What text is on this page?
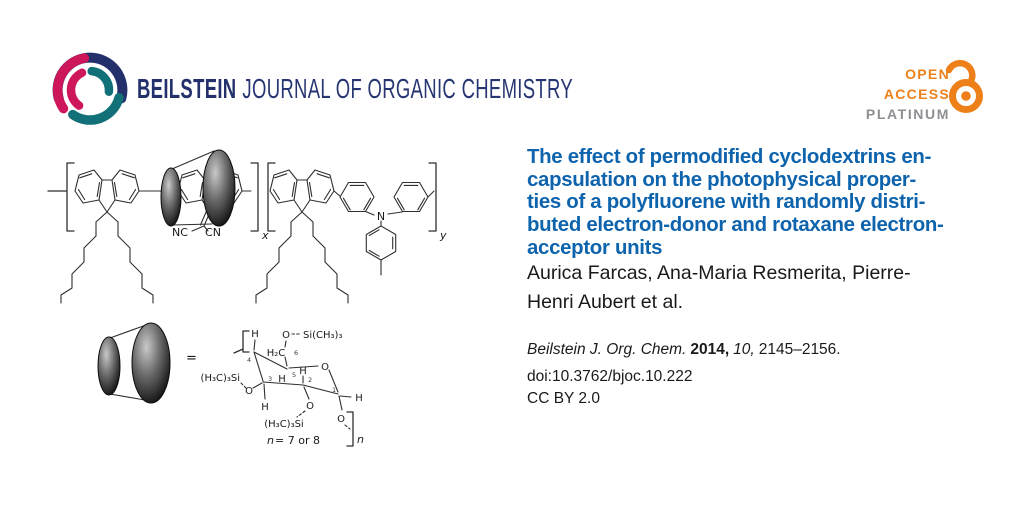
BEILSTEIN JOURNAL OF ORGANIC CHEMISTRY	OPEN
ACCESS
PLATINUM
x	y
NC CN
N
=
H
4
H₂C 6
O Si(CH₃)₃
H 5
O
3
O
(H₃C)₃Si
H
H
2
O
(H₃C)₃Si
1
H
O
n
n = 7 or 8
The effect of permodified cyclodextrins en-
capsulation on the photophysical proper-
ties of a polyfluorene with randomly distri-
buted electron-donor and rotaxane electron-
acceptor units
Aurica Farcas, Ana-Maria Resmerita, Pierre-
Henri Aubert et al.
Beilstein J. Org. Chem. 2014, 10, 2145–2156.
doi:10.3762/bjoc.10.222
CC BY 2.0
